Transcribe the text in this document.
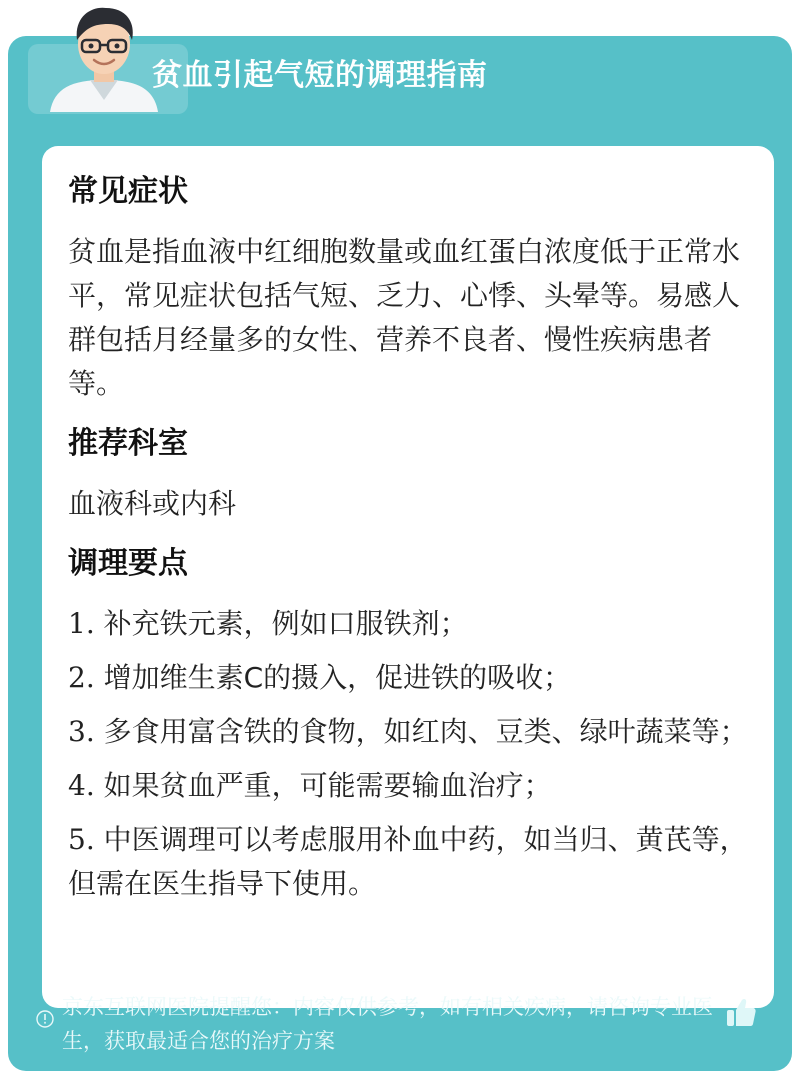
贫血引起气短的调理指南
常见症状

贫血是指血液中红细胞数量或血红蛋白浓度低于正常水平，常见症状包括气短、乏力、心悸、头晕等。易感人群包括月经量多的女性、营养不良者、慢性疾病患者等。

推荐科室

血液科或内科

调理要点
1. 补充铁元素，例如口服铁剂；
2. 增加维生素C的摄入，促进铁的吸收；
3. 多食用富含铁的食物，如红肉、豆类、绿叶蔬菜等；
4. 如果贫血严重，可能需要输血治疗；
5. 中医调理可以考虑服用补血中药，如当归、黄芪等，但需在医生指导下使用。
京东互联网医院提醒您：内容仅供参考，如有相关疾病，请咨询专业医生，获取最适合您的治疗方案
